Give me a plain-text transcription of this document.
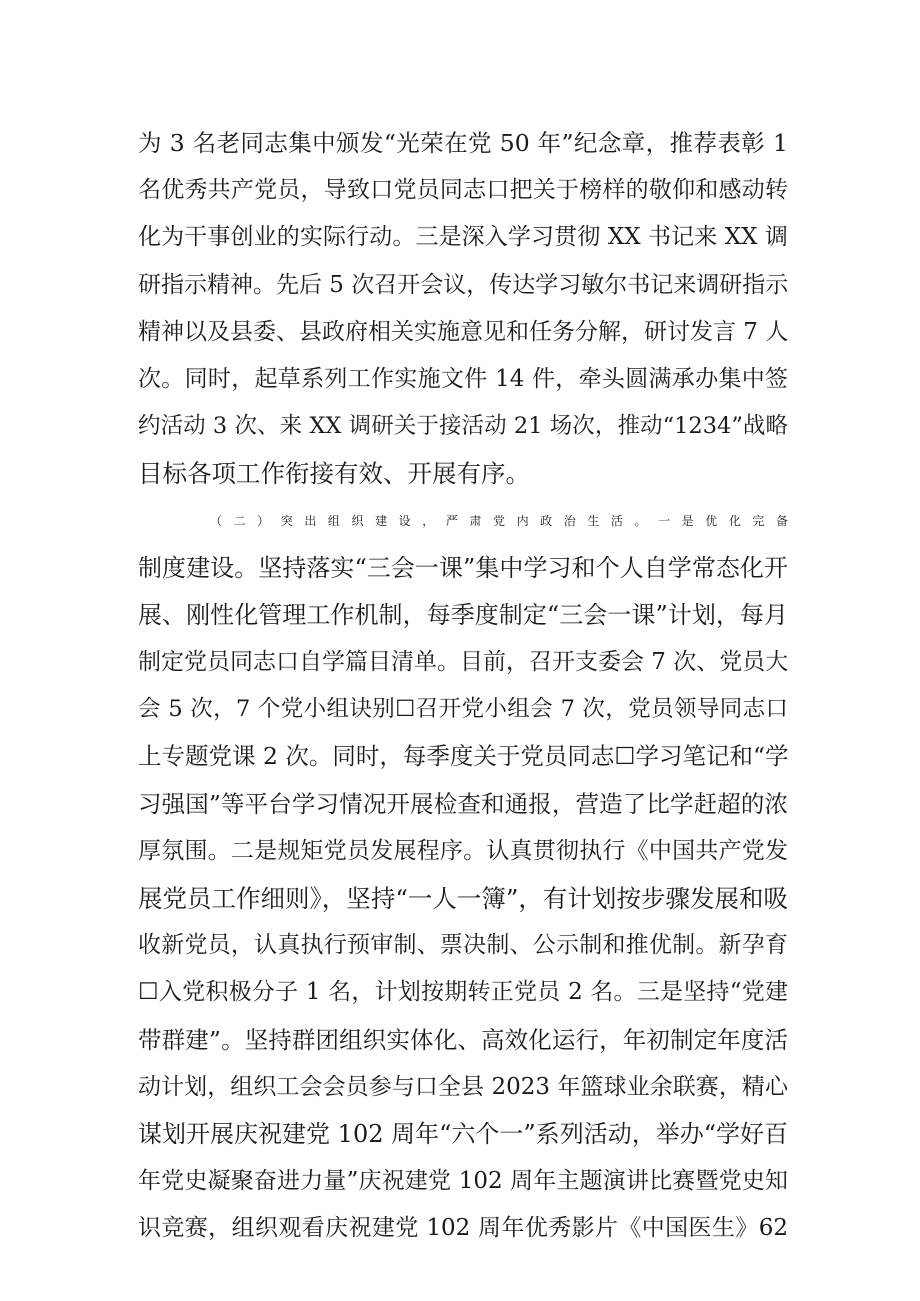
为 3 名老同志集中颁发“光荣在党 50 年”纪念章，推荐表彰 1
名优秀共产党员，导致口党员同志口把关于榜样的敬仰和感动转
化为干事创业的实际行动。三是深入学习贯彻 XX 书记来 XX 调
研指示精神。先后 5 次召开会议，传达学习敏尔书记来调研指示
精神以及县委、县政府相关实施意见和任务分解，研讨发言 7 人
次。同时，起草系列工作实施文件 14 件，牵头圆满承办集中签
约活动 3 次、来 XX 调研关于接活动 21 场次，推动“1234”战略
目标各项工作衔接有效、开展有序。
（二）突出组织建设，严肃党内政治生活。一是优化完备
制度建设。坚持落实“三会一课”集中学习和个人自学常态化开
展、刚性化管理工作机制，每季度制定“三会一课”计划，每月
制定党员同志口自学篇目清单。目前，召开支委会 7 次、党员大
会 5 次，7 个党小组诀别☐召开党小组会 7 次，党员领导同志口
上专题党课 2 次。同时，每季度关于党员同志☐学习笔记和“学
习强国”等平台学习情况开展检查和通报，营造了比学赶超的浓
厚氛围。二是规矩党员发展程序。认真贯彻执行《中国共产党发
展党员工作细则》，坚持“一人一簿”，有计划按步骤发展和吸
收新党员，认真执行预审制、票决制、公示制和推优制。新孕育
☐入党积极分子 1 名，计划按期转正党员 2 名。三是坚持“党建
带群建”。坚持群团组织实体化、高效化运行，年初制定年度活
动计划，组织工会会员参与口全县 2023 年篮球业余联赛，精心
谋划开展庆祝建党 102 周年“六个一”系列活动，举办“学好百
年党史凝聚奋进力量”庆祝建党 102 周年主题演讲比赛暨党史知
识竞赛，组织观看庆祝建党 102 周年优秀影片《中国医生》62
